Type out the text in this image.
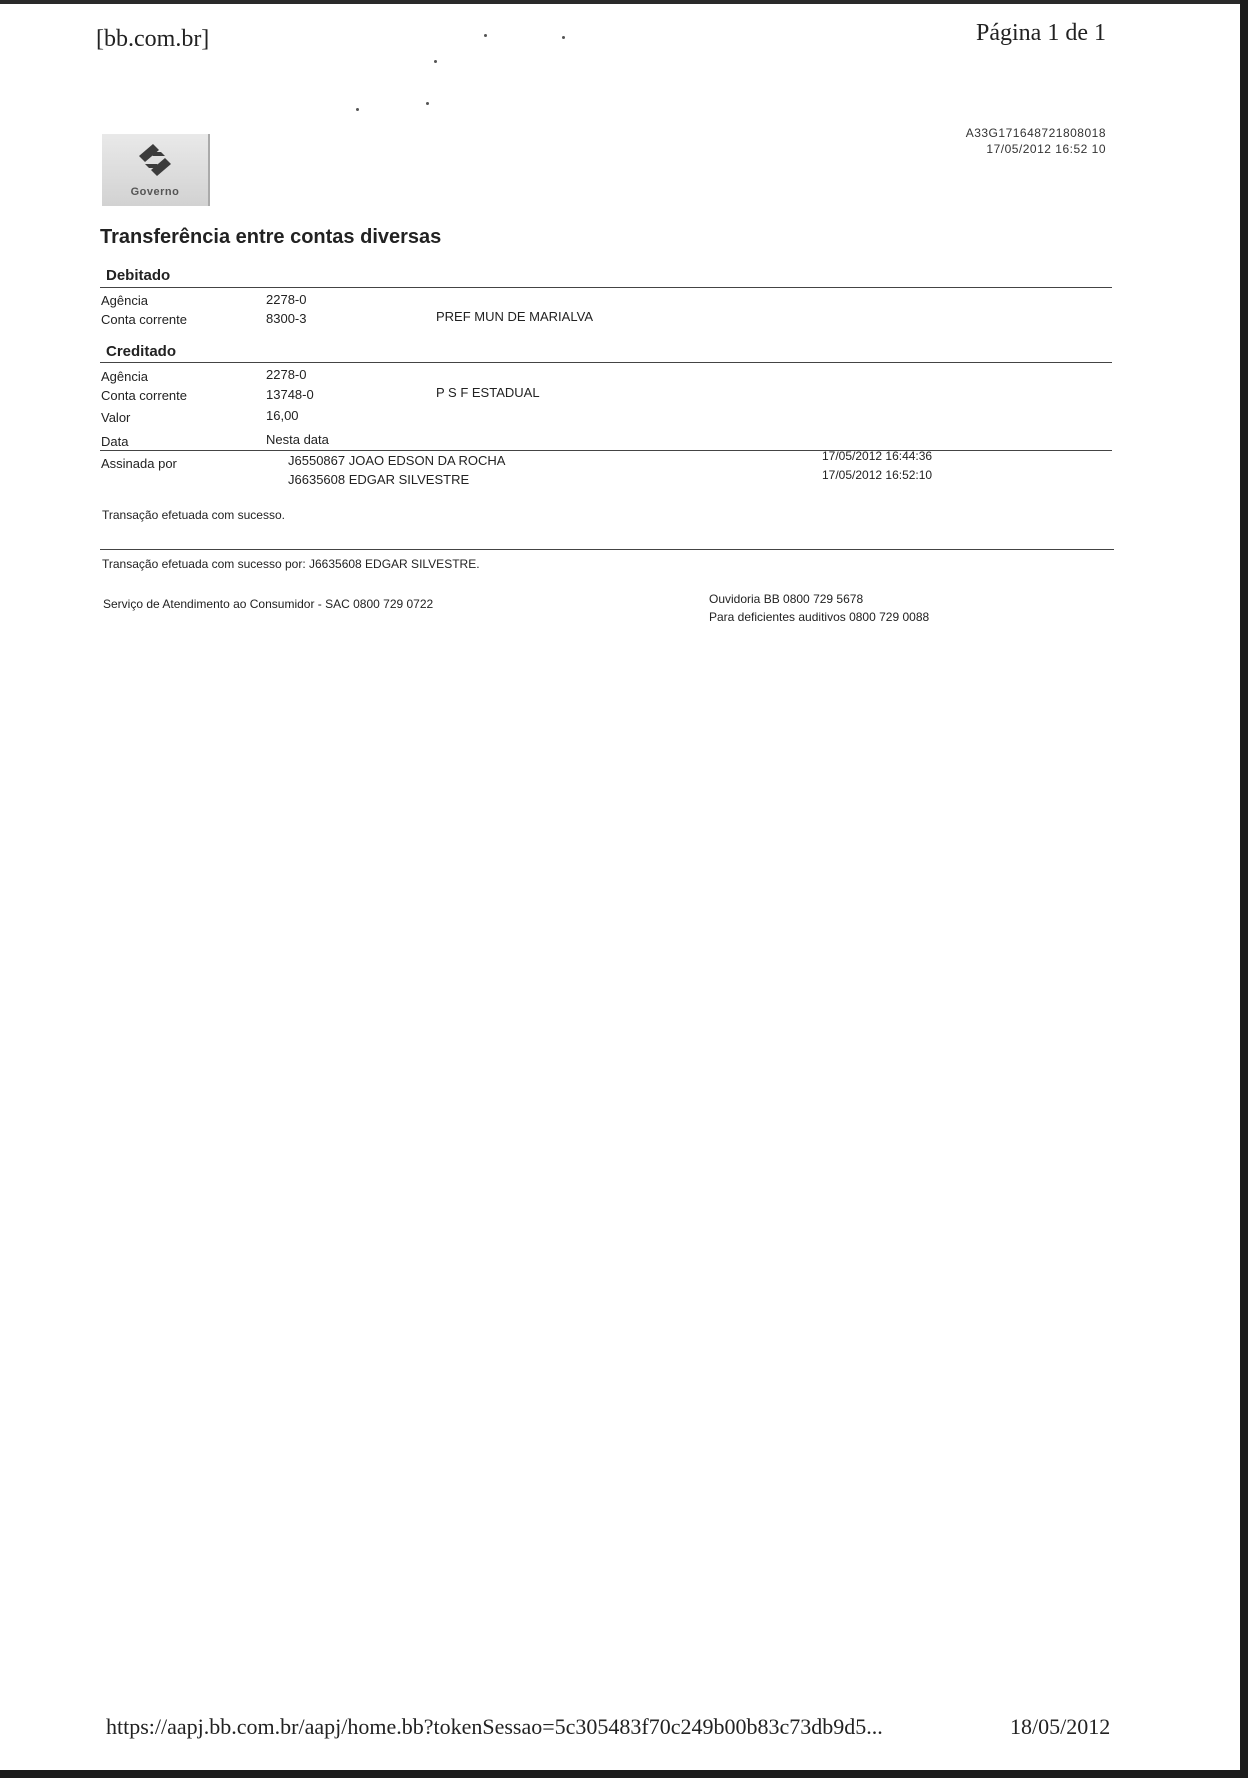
[bb.com.br]	Página 1 de 1
Governo
A33G171648721808018
17/05/2012 16:52 10
Transferência entre contas diversas
Debitado
Agência	2278-0
Conta corrente	8300-3	PREF MUN DE MARIALVA
Creditado
Agência	2278-0
Conta corrente	13748-0	P S F ESTADUAL
Valor	16,00
Data	Nesta data
Assinada por	J6550867 JOAO EDSON DA ROCHA	17/05/2012 16:44:36
J6635608 EDGAR SILVESTRE	17/05/2012 16:52:10
Transação efetuada com sucesso.
Transação efetuada com sucesso por: J6635608 EDGAR SILVESTRE.
Serviço de Atendimento ao Consumidor - SAC 0800 729 0722	Ouvidoria BB 0800 729 5678
Para deficientes auditivos 0800 729 0088
https://aapj.bb.com.br/aapj/home.bb?tokenSessao=5c305483f70c249b00b83c73db9d5...	18/05/2012
